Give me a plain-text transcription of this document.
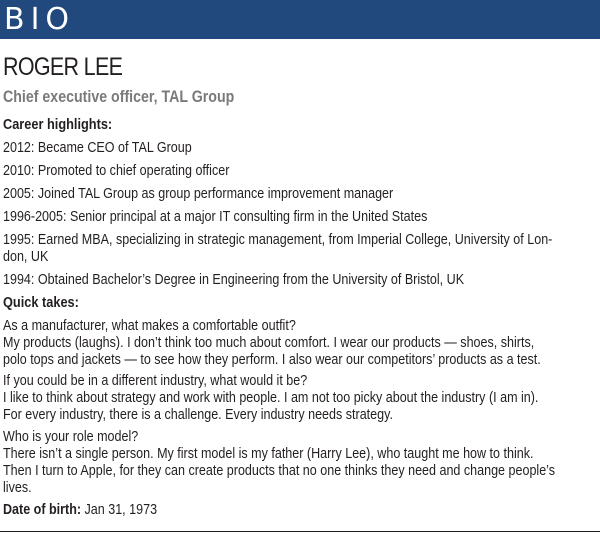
BIO
ROGER LEE
Chief executive officer, TAL Group
Career highlights:
2012: Became CEO of TAL Group
2010: Promoted to chief operating officer
2005: Joined TAL Group as group performance improvement manager
1996-2005: Senior principal at a major IT consulting firm in the United States
1995: Earned MBA, specializing in strategic management, from Imperial College, University of Lon-
don, UK
1994: Obtained Bachelor’s Degree in Engineering from the University of Bristol, UK
Quick takes:
As a manufacturer, what makes a comfortable outfit?
My products (laughs). I don’t think too much about comfort. I wear our products — shoes, shirts,
polo tops and jackets — to see how they perform. I also wear our competitors’ products as a test.
If you could be in a different industry, what would it be?
I like to think about strategy and work with people. I am not too picky about the industry (I am in).
For every industry, there is a challenge. Every industry needs strategy.
Who is your role model?
There isn’t a single person. My first model is my father (Harry Lee), who taught me how to think.
Then I turn to Apple, for they can create products that no one thinks they need and change people’s
lives.
Date of birth: Jan 31, 1973
